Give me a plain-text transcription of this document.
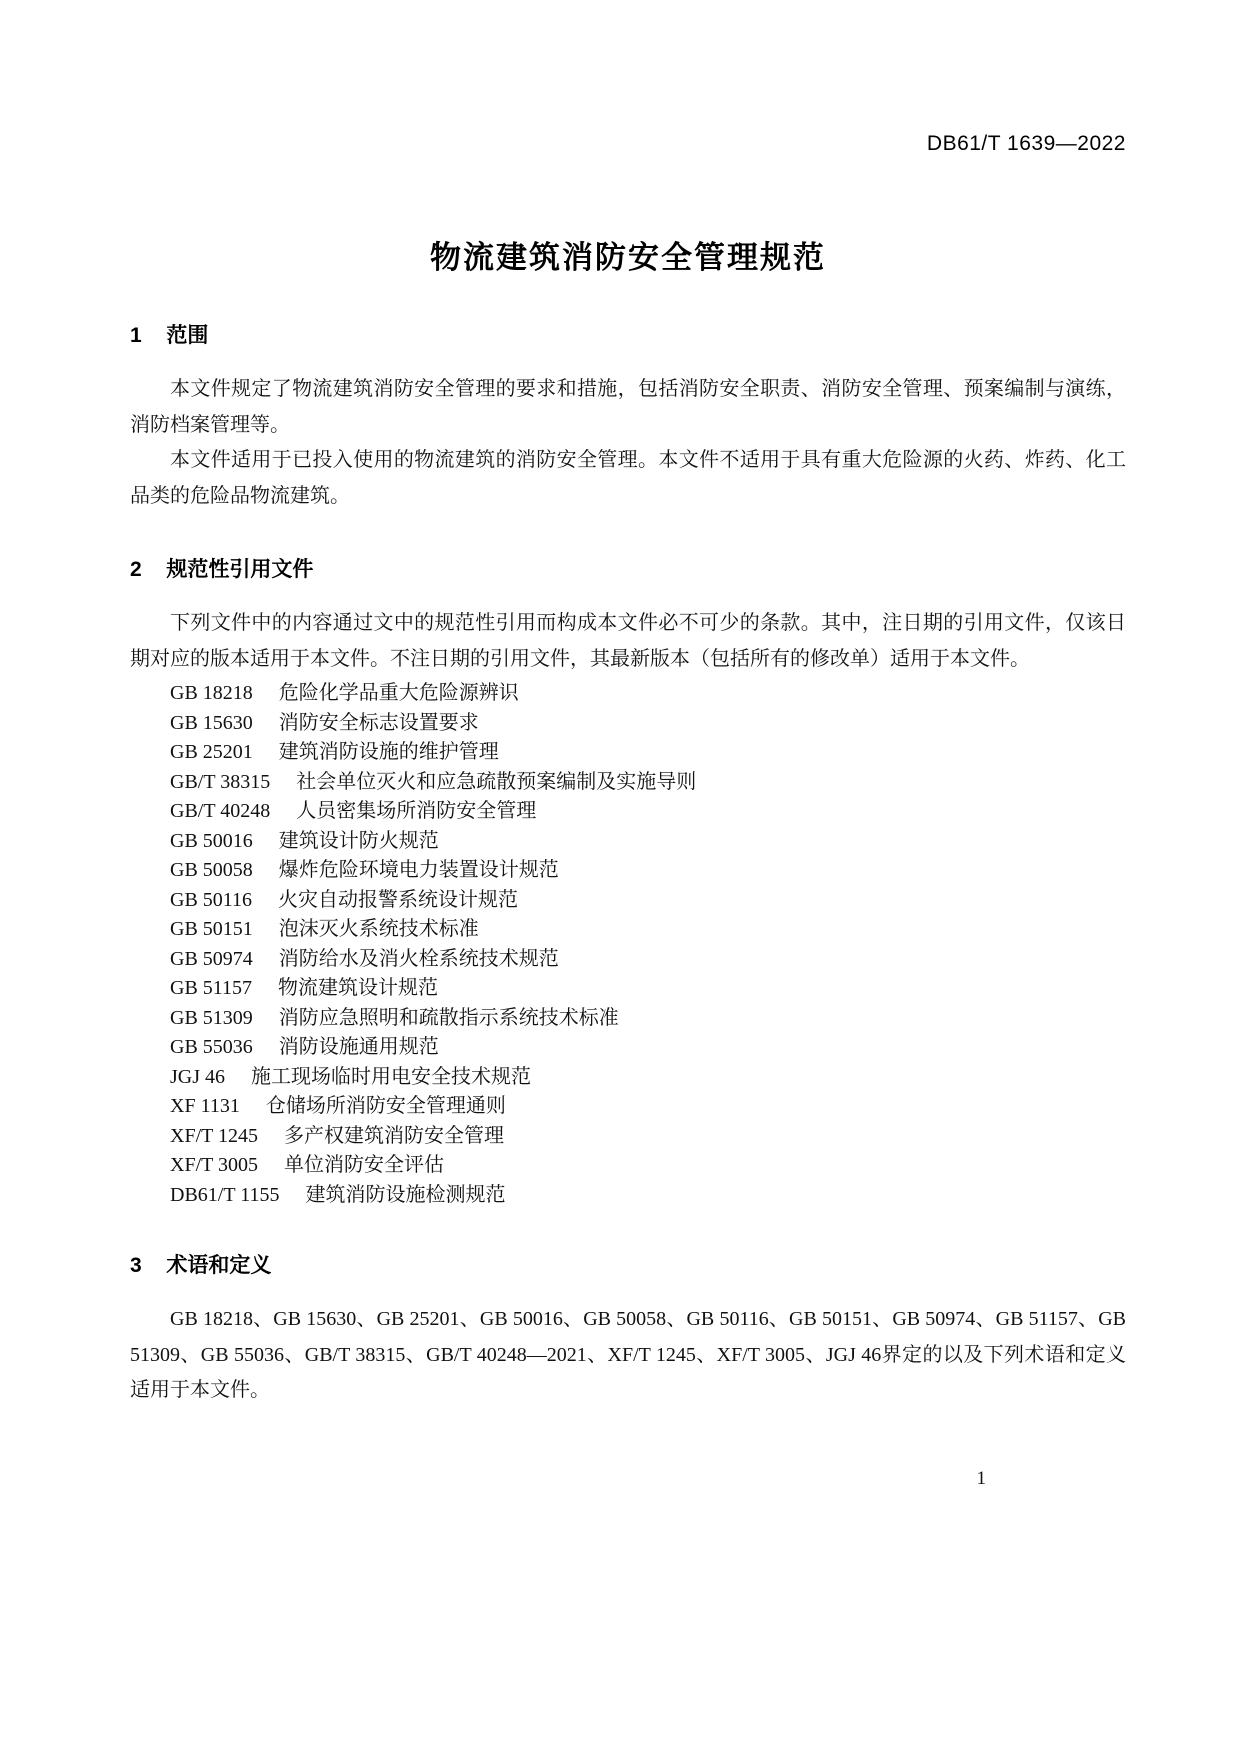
DB61/T 1639—2022
物流建筑消防安全管理规范
1 范围

本文件规定了物流建筑消防安全管理的要求和措施，包括消防安全职责、消防安全管理、预案编制与演练，消防档案管理等。

本文件适用于已投入使用的物流建筑的消防安全管理。本文件不适用于具有重大危险源的火药、炸药、化工品类的危险品物流建筑。

2 规范性引用文件

下列文件中的内容通过文中的规范性引用而构成本文件必不可少的条款。其中，注日期的引用文件，仅该日期对应的版本适用于本文件。不注日期的引用文件，其最新版本（包括所有的修改单）适用于本文件。

GB 18218 危险化学品重大危险源辨识
GB 15630 消防安全标志设置要求
GB 25201 建筑消防设施的维护管理
GB/T 38315 社会单位灭火和应急疏散预案编制及实施导则
GB/T 40248 人员密集场所消防安全管理
GB 50016 建筑设计防火规范
GB 50058 爆炸危险环境电力装置设计规范
GB 50116 火灾自动报警系统设计规范
GB 50151 泡沫灭火系统技术标准
GB 50974 消防给水及消火栓系统技术规范
GB 51157 物流建筑设计规范
GB 51309 消防应急照明和疏散指示系统技术标准
GB 55036 消防设施通用规范
JGJ 46 施工现场临时用电安全技术规范
XF 1131 仓储场所消防安全管理通则
XF/T 1245 多产权建筑消防安全管理
XF/T 3005 单位消防安全评估
DB61/T 1155 建筑消防设施检测规范
3 术语和定义

GB 18218、GB 15630、GB 25201、GB 50016、GB 50058、GB 50116、GB 50151、GB 50974、GB 51157、GB 51309、GB 55036、GB/T 38315、GB/T 40248—2021、XF/T 1245、XF/T 3005、JGJ 46界定的以及下列术语和定义适用于本文件。

1
